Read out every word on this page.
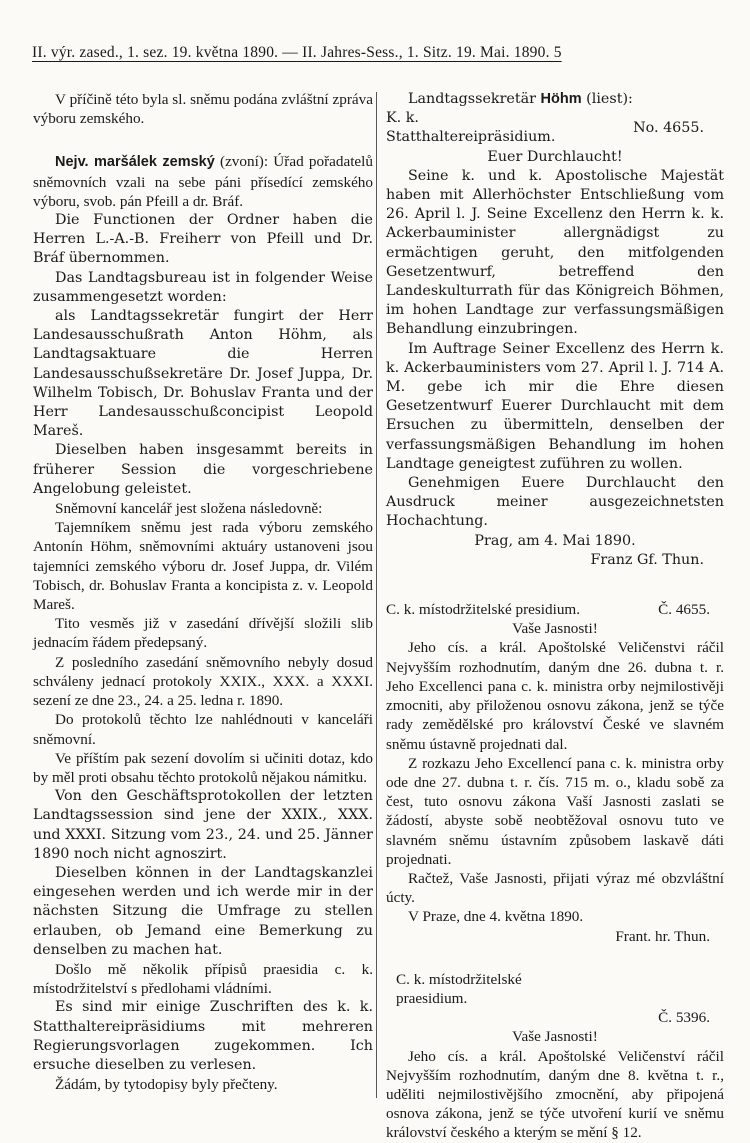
II. výr. zased., 1. sez. 19. května 1890. — II. Jahres-Sess., 1. Sitz. 19. Mai. 1890. 5

V příčině této byla sl. sněmu podána zvláštní zpráva výboru zemského.

Nejv. maršálek zemský (zvoní): Úřad pořadatelů sněmovních vzali na sebe páni přísedící zemského výboru, svob. pán Pfeill a dr. Bráf.

Die Functionen der Ordner haben die Herren L.-A.-B. Freiherr von Pfeill und Dr. Bráf übernommen.

Das Landtagsbureau ist in folgender Weise zusammengesetzt worden:

als Landtagssekretär fungirt der Herr Landesausschußrath Anton Höhm, als Landtagsaktuare die Herren Landesausschußsekretäre Dr. Josef Juppa, Dr. Wilhelm Tobisch, Dr. Bohuslav Franta und der Herr Landesausschußconcipist Leopold Mareš.

Dieselben haben insgesammt bereits in früherer Session die vorgeschriebene Angelobung geleistet.

Sněmovní kancelář jest složena následovně:

Tajemníkem sněmu jest rada výboru zemského Antonín Höhm, sněmovními aktuáry ustanoveni jsou tajemníci zemského výboru dr. Josef Juppa, dr. Vilém Tobisch, dr. Bohuslav Franta a koncipista z. v. Leopold Mareš.

Tito vesměs již v zasedání dřívější složili slib jednacím řádem předepsaný.

Z posledního zasedání sněmovního nebyly dosud schváleny jednací protokoly XXIX., XXX. a XXXI. sezení ze dne 23., 24. a 25. ledna r. 1890.

Do protokolů těchto lze nahlédnouti v kanceláři sněmovní.

Ve příštím pak sezení dovolím si učiniti dotaz, kdo by měl proti obsahu těchto protokolů nějakou námitku.

Von den Geschäftsprotokollen der letzten Landtagssession sind jene der XXIX., XXX. und XXXI. Sitzung vom 23., 24. und 25. Jänner 1890 noch nicht agnoszirt.

Dieselben können in der Landtagskanzlei eingesehen werden und ich werde mir in der nächsten Sitzung die Umfrage zu stellen erlauben, ob Jemand eine Bemerkung zu denselben zu machen hat.

Došlo mě několik přípisů praesidia c. k. místodržitelství s předlohami vládními.

Es sind mir einige Zuschriften des k. k. Statthaltereipräsidiums mit mehreren Regierungsvorlagen zugekommen. Ich ersuche dieselben zu verlesen.

Žádám, by tytodopisy byly přečteny.

Landtagssekretär Höhm (liest):

K. k. Statthaltereipräsidium.
No. 4655.

Euer Durchlaucht!

Seine k. und k. Apostolische Majestät haben mit Allerhöchster Entschließung vom 26. April l. J. Seine Excellenz den Herrn k. k. Ackerbauminister allergnädigst zu ermächtigen geruht, den mitfolgenden Gesetzentwurf, betreffend den Landeskulturrath für das Königreich Böhmen, im hohen Landtage zur verfassungsmäßigen Behandlung einzubringen.

Im Auftrage Seiner Excellenz des Herrn k. k. Ackerbauministers vom 27. April l. J. 714 A. M. gebe ich mir die Ehre diesen Gesetzentwurf Euerer Durchlaucht mit dem Ersuchen zu übermitteln, denselben der verfassungsmäßigen Behandlung im hohen Landtage geneigtest zuführen zu wollen.

Genehmigen Euere Durchlaucht den Ausdruck meiner ausgezeichnetsten Hochachtung.

Prag, am 4. Mai 1890.

Franz Gf. Thun.

C. k. místodržitelské presidium.	Č. 4655.

Vaše Jasnosti!

Jeho cís. a král. Apoštolské Veličenstvi ráčil Nejvyšším rozhodnutím, daným dne 26. dubna t. r. Jeho Excellenci pana c. k. ministra orby nejmilostivěji zmocniti, aby přiloženou osnovu zákona, jenž se týče rady zemědělské pro království České ve slavném sněmu ústavně projednati dal.

Z rozkazu Jeho Excellencí pana c. k. ministra orby ode dne 27. dubna t. r. čís. 715 m. o., kladu sobě za čest, tuto osnovu zákona Vaší Jasnosti zaslati se žádostí, abyste sobě neobtěžoval osnovu tuto ve slavném sněmu ústavním způsobem laskavě dáti projednati.

Račtež, Vaše Jasnosti, přijati výraz mé obzvláštní úcty.

V Praze, dne 4. května 1890.

Frant. hr. Thun.

C. k. místodržitelské praesidium.
Č. 5396.

Vaše Jasnosti!

Jeho cís. a král. Apoštolské Veličenství ráčil Nejvyšším rozhodnutím, daným dne 8. května t. r., uděliti nejmilostivějšího zmocnění, aby připojená osnova zákona, jenž se týče utvoření kurií ve sněmu království českého a kterým se mění § 12.
